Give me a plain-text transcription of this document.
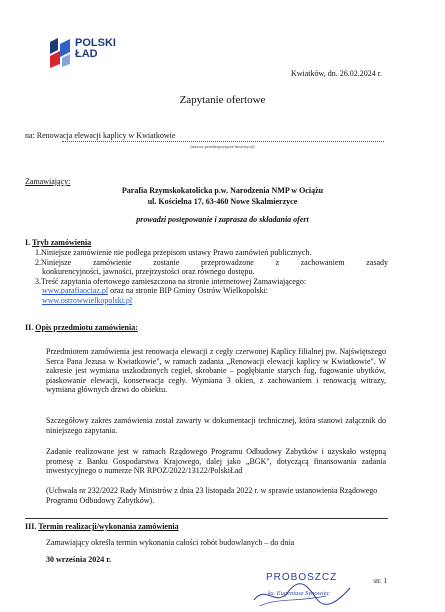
POLSKI
ŁAD
Kwiatków, dn. 26.02.2024 r.
Zapytanie ofertowe
na: Renowacja elewacji kaplicy w Kwiatkowie
(nazwa przedsięwzięcia/inwestycji)
Zamawiający:
Parafia Rzymskokatolicka p.w. Narodzenia NMP w Ociążu
ul. Kościelna 17, 63-460 Nowe Skalmierzyce
prowadzi postępowanie i zaprasza do składania ofert
I. Tryb zamówienia

1.Niniejsze zamówienie nie podlega przepisom ustawy Prawo zamówień publicznych.

2.Niniejsze zamówienie zostanie przeprowadzone z zachowaniem zasady

konkurencyjności, jawności, przejrzystości oraz równego dostępu.

3.Treść zapytania ofertowego zamieszczona na stronie internetowej Zamawiającego:

www.parafiaociaz.pl oraz na stronie BIP Gminy Ostrów Wielkopolski:

www.ostrowwielkopolski.pl

II. Opis przedmiotu zamówienia:
Przedmiotem zamówienia jest renowacja elewacji z cegły czerwonej Kaplicy filialnej pw. Najświętszego Serca Pana Jezusa w Kwiatkowie", w ramach zadania „Renowacji elewacji kaplicy w Kwiatkowie". W zakresie jest wymiana uszkodzonych cegieł, skrobanie – pogłębianie starych fug, fugowanie ubytków, piaskowanie elewacji, konserwacja cegły. Wymiana 3 okien, z zachowaniem i renowacją witrazy, wymiana głównych drzwi do obiektu.
Szczegółowy zakres zamówienia został zawarty w dokumentacji technicznej, która stanowi załącznik do niniejszego zapytania.
Zadanie realizowane jest w ramach Rządowego Programu Odbudowy Zabytków i uzyskało wstępną promesę z Banku Gospodarstwa Krajowego, dalej jako „BGK", dotyczącą finansowania zadania inwestycyjnego o numerze NR RPOZ/2022/13122/PolskiŁad
(Uchwała nr 232/2022 Rady Ministrów z dnia 23 listopada 2022 r. w sprawie ustanowienia Rządowego Programu Odbudowy Zabytków).
III. Termin realizacji/wykonania zamówienia
Zamawiający określa termin wykonania całości robót budowlanych – do dnia
30 września 2024 r.
PROBOSZCZ
ks. Eugeniusz Synowiec
str. 1
